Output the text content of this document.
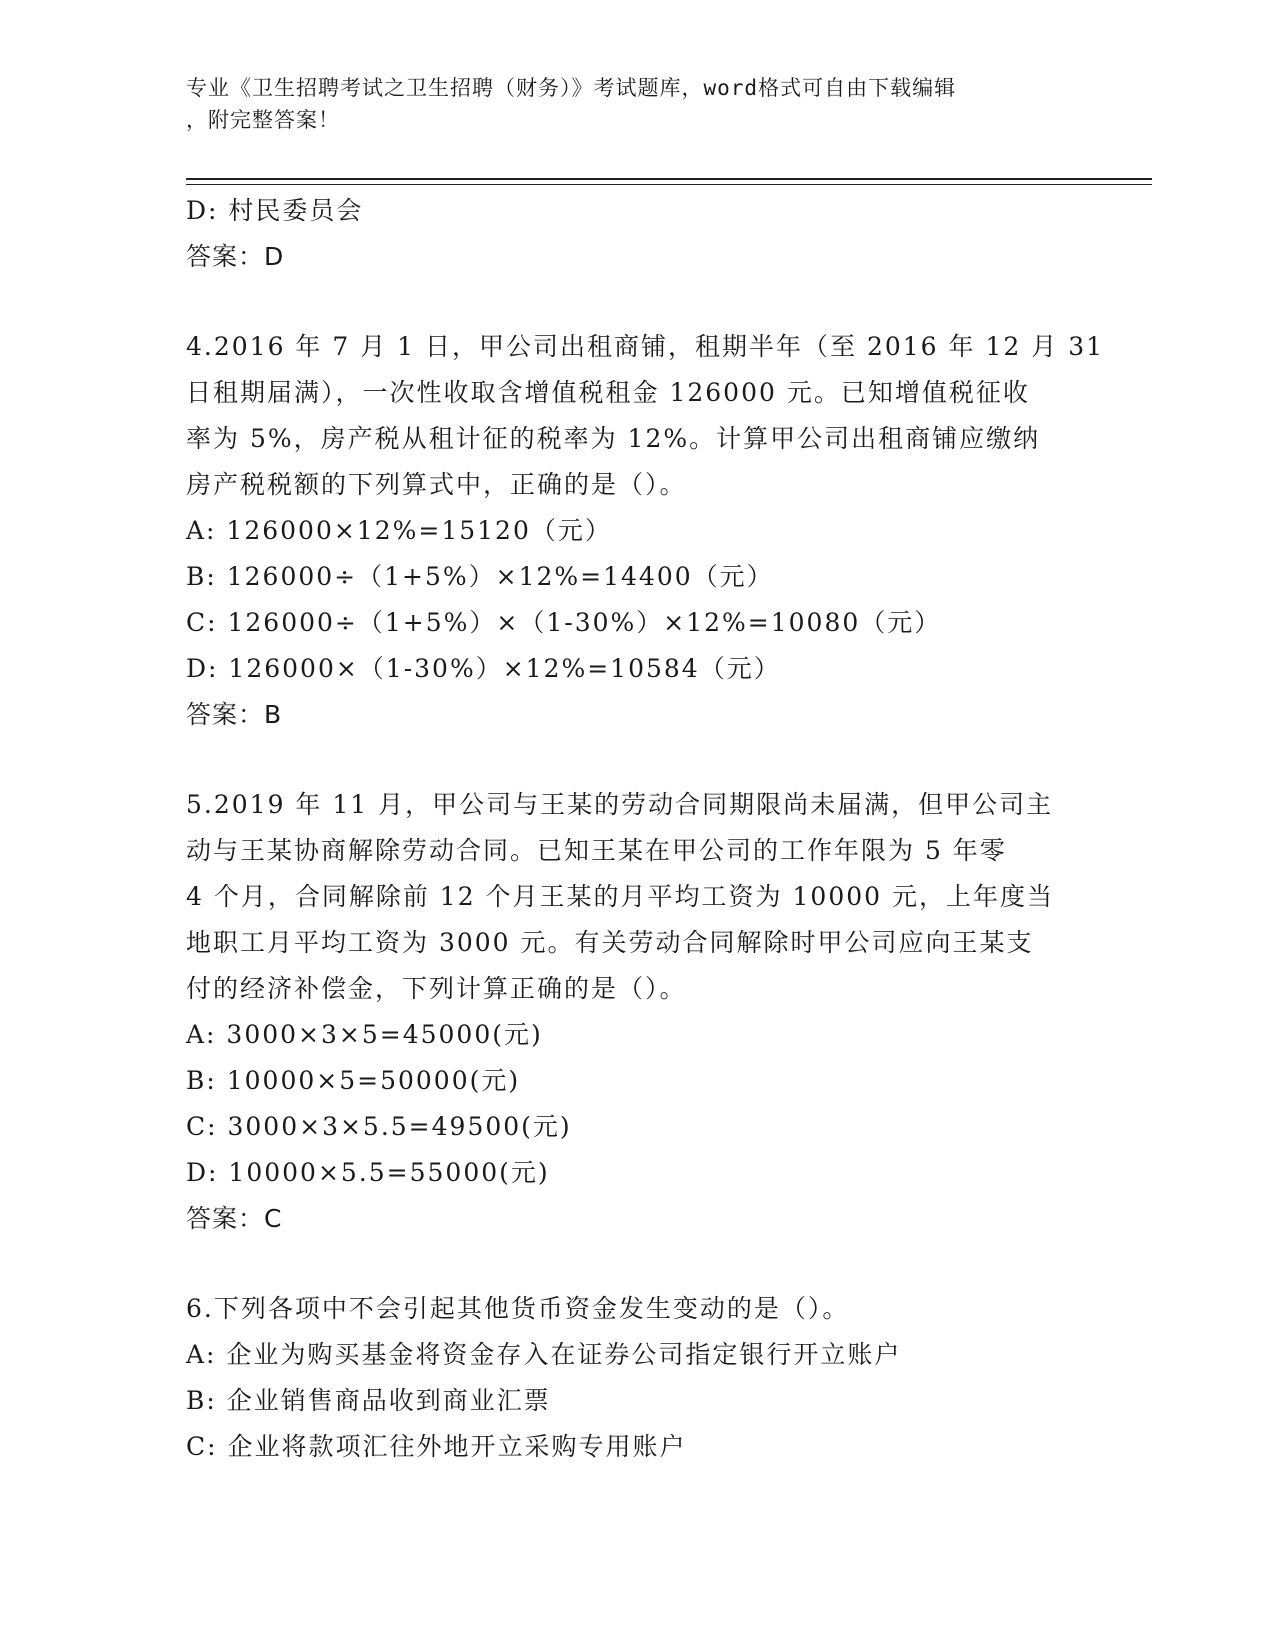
专业《卫生招聘考试之卫生招聘（财务）》考试题库，word格式可自由下载编辑
，附完整答案！
D: 村民委员会
答案：D
4.2016 年 7 月 1 日，甲公司出租商铺，租期半年（至 2016 年 12 月 31
日租期届满），一次性收取含增值税租金 126000 元。已知增值税征收
率为 5%，房产税从租计征的税率为 12%。计算甲公司出租商铺应缴纳
房产税税额的下列算式中，正确的是（）。
A: 126000×12%=15120（元）
B: 126000÷（1+5%）×12%=14400（元）
C: 126000÷（1+5%）×（1-30%）×12%=10080（元）
D: 126000×（1-30%）×12%=10584（元）
答案：B
5.2019 年 11 月，甲公司与王某的劳动合同期限尚未届满，但甲公司主
动与王某协商解除劳动合同。已知王某在甲公司的工作年限为 5 年零
4 个月，合同解除前 12 个月王某的月平均工资为 10000 元，上年度当
地职工月平均工资为 3000 元。有关劳动合同解除时甲公司应向王某支
付的经济补偿金，下列计算正确的是（）。
A: 3000×3×5=45000(元)
B: 10000×5=50000(元)
C: 3000×3×5.5=49500(元)
D: 10000×5.5=55000(元)
答案：C
6.下列各项中不会引起其他货币资金发生变动的是（）。
A: 企业为购买基金将资金存入在证券公司指定银行开立账户
B: 企业销售商品收到商业汇票
C: 企业将款项汇往外地开立采购专用账户
